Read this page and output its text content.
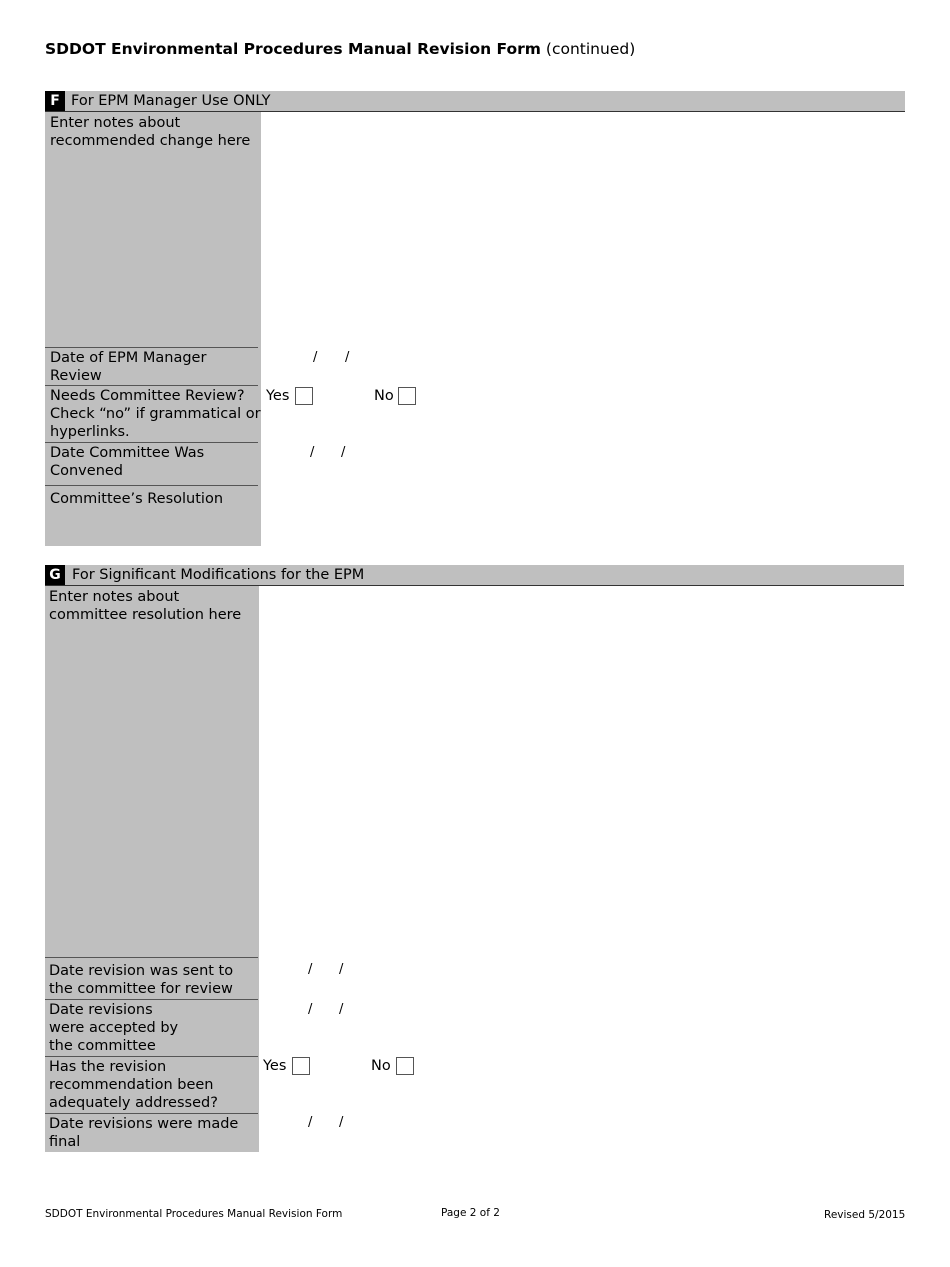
SDDOT Environmental Procedures Manual Revision Form (continued)
F For EPM Manager Use ONLY
Enter notes about recommended change here
Date of EPM Manager Review
/ /
Needs Committee Review? Check “no” if grammatical or hyperlinks.
Yes	No
Date Committee Was Convened
/ /
Committee’s Resolution
G For Significant Modifications for the EPM
Enter notes about committee resolution here
Date revision was sent to the committee for review
/ /
Date revisions were accepted by the committee
/ /
Has the revision recommendation been adequately addressed?
Yes	No
Date revisions were made final
/ /
SDDOT Environmental Procedures Manual Revision Form	Page 2 of 2	Revised 5/2015
